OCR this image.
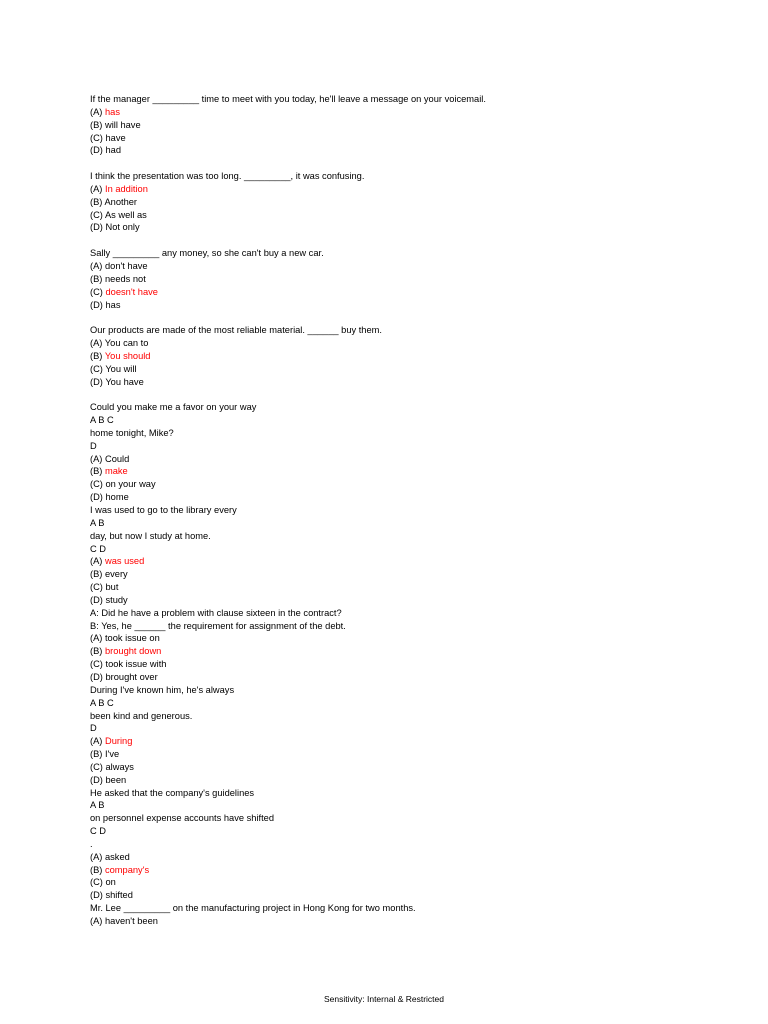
If the manager _________ time to meet with you today, he'll leave a message on your voicemail.
(A) has
(B) will have
(C) have
(D) had
I think the presentation was too long. _________, it was confusing.
(A) In addition
(B) Another
(C) As well as
(D) Not only
Sally _________ any money, so she can't buy a new car.
(A) don't have
(B) needs not
(C) doesn't have
(D) has
Our products are made of the most reliable material. ______ buy them.
(A) You can to
(B) You should
(C) You will
(D) You have
Could you make me a favor on your way
A B C
home tonight, Mike?
D
(A) Could
(B) make
(C) on your way
(D) home
I was used to go to the library every
A B
day, but now I study at home.
C D
(A) was used
(B) every
(C) but
(D) study
A: Did he have a problem with clause sixteen in the contract?
B: Yes, he ______ the requirement for assignment of the debt.
(A) took issue on
(B) brought down
(C) took issue with
(D) brought over
During I've known him, he's always
A B C
been kind and generous.
D
(A) During
(B) I've
(C) always
(D) been
He asked that the company's guidelines
A B
on personnel expense accounts have shifted
C D
.
(A) asked
(B) company's
(C) on
(D) shifted
Mr. Lee _________ on the manufacturing project in Hong Kong for two months.
(A) haven't been
Sensitivity: Internal & Restricted
